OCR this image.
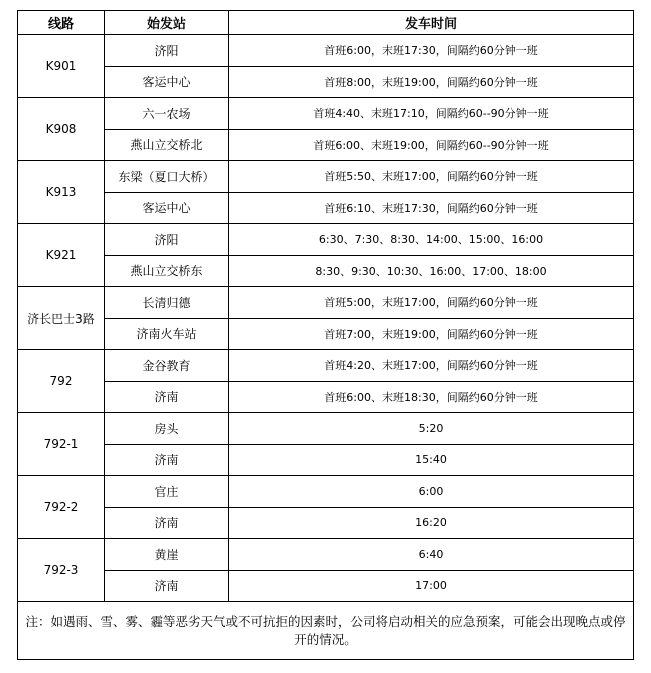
线路	始发站	发车时间
K901	济阳	首班6:00，末班17:30，间隔约60分钟一班
	客运中心	首班8:00，末班19:00，间隔约60分钟一班
K908	六一农场	首班4:40、末班17:10，间隔约60--90分钟一班
	燕山立交桥北	首班6:00、末班19:00，间隔约60--90分钟一班
K913	东梁（夏口大桥）	首班5:50、末班17:00，间隔约60分钟一班
	客运中心	首班6:10、末班17:30，间隔约60分钟一班
K921	济阳	6:30、7:30、8:30、14:00、15:00、16:00
	燕山立交桥东	8:30、9:30、10:30、16:00、17:00、18:00
济长巴士3路	长清归德	首班5:00，末班17:00，间隔约60分钟一班
	济南火车站	首班7:00，末班19:00，间隔约60分钟一班
792	金谷教育	首班4:20、末班17:00，间隔约60分钟一班
	济南	首班6:00、末班18:30，间隔约60分钟一班
792-1	房头	5:20
	济南	15:40
792-2	官庄	6:00
	济南	16:20
792-3	黄崖	6:40
	济南	17:00
注：如遇雨、雪、雾、霾等恶劣天气或不可抗拒的因素时，公司将启动相关的应急预案，可能会出现晚点或停开的情况。		
